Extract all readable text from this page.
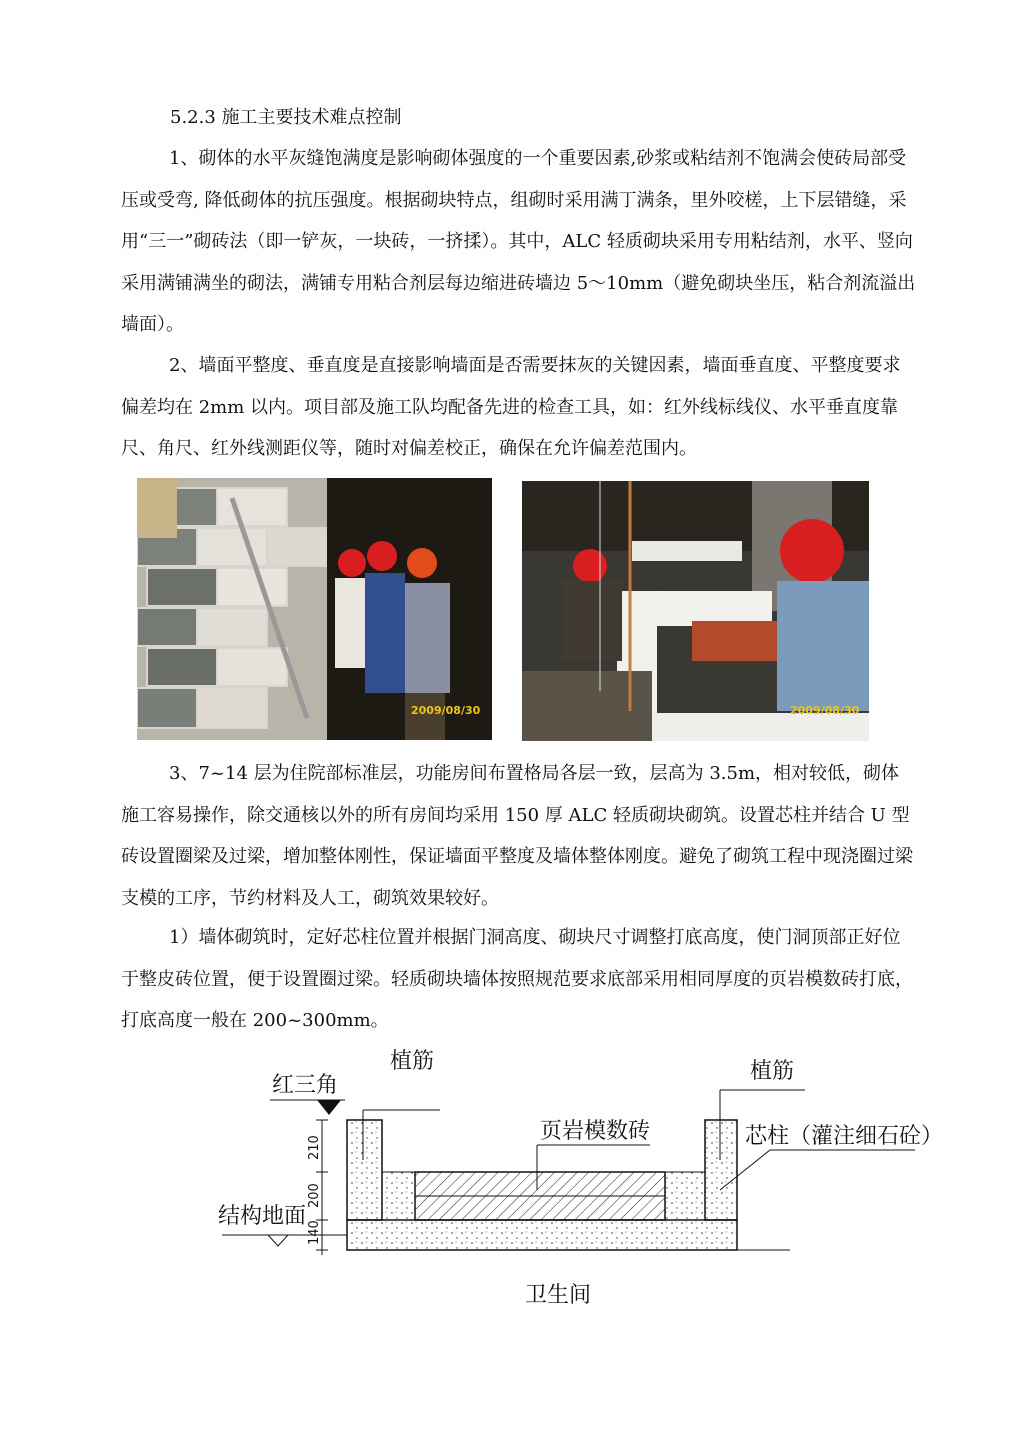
5.2.3 施工主要技术难点控制
1、砌体的水平灰缝饱满度是影响砌体强度的一个重要因素,砂浆或粘结剂不饱满会使砖局部受压或受弯, 降低砌体的抗压强度。根据砌块特点，组砌时采用满丁满条，里外咬槎，上下层错缝，采用“三一”砌砖法（即一铲灰，一块砖，一挤揉）。其中，ALC 轻质砌块采用专用粘结剂，水平、竖向采用满铺满坐的砌法，满铺专用粘合剂层每边缩进砖墙边 5～10mm（避免砌块坐压，粘合剂流溢出墙面）。
2、墙面平整度、垂直度是直接影响墙面是否需要抹灰的关键因素，墙面垂直度、平整度要求偏差均在 2mm 以内。项目部及施工队均配备先进的检查工具，如：红外线标线仪、水平垂直度靠尺、角尺、红外线测距仪等，随时对偏差校正，确保在允许偏差范围内。
2009/08/30	2009/08/30
3、7~14 层为住院部标准层，功能房间布置格局各层一致，层高为 3.5m，相对较低，砌体施工容易操作，除交通核以外的所有房间均采用 150 厚 ALC 轻质砌块砌筑。设置芯柱并结合 U 型砖设置圈梁及过梁，增加整体刚性，保证墙面平整度及墙体整体刚度。避免了砌筑工程中现浇圈过梁支模的工序，节约材料及人工，砌筑效果较好。
1）墙体砌筑时，定好芯柱位置并根据门洞高度、砌块尺寸调整打底高度，使门洞顶部正好位于整皮砖位置，便于设置圈过梁。轻质砌块墙体按照规范要求底部采用相同厚度的页岩模数砖打底，打底高度一般在 200~300mm。
210
200
140
红三角
结构地面
植筋	植筋
页岩模数砖	芯柱（灌注细石砼）
卫生间
